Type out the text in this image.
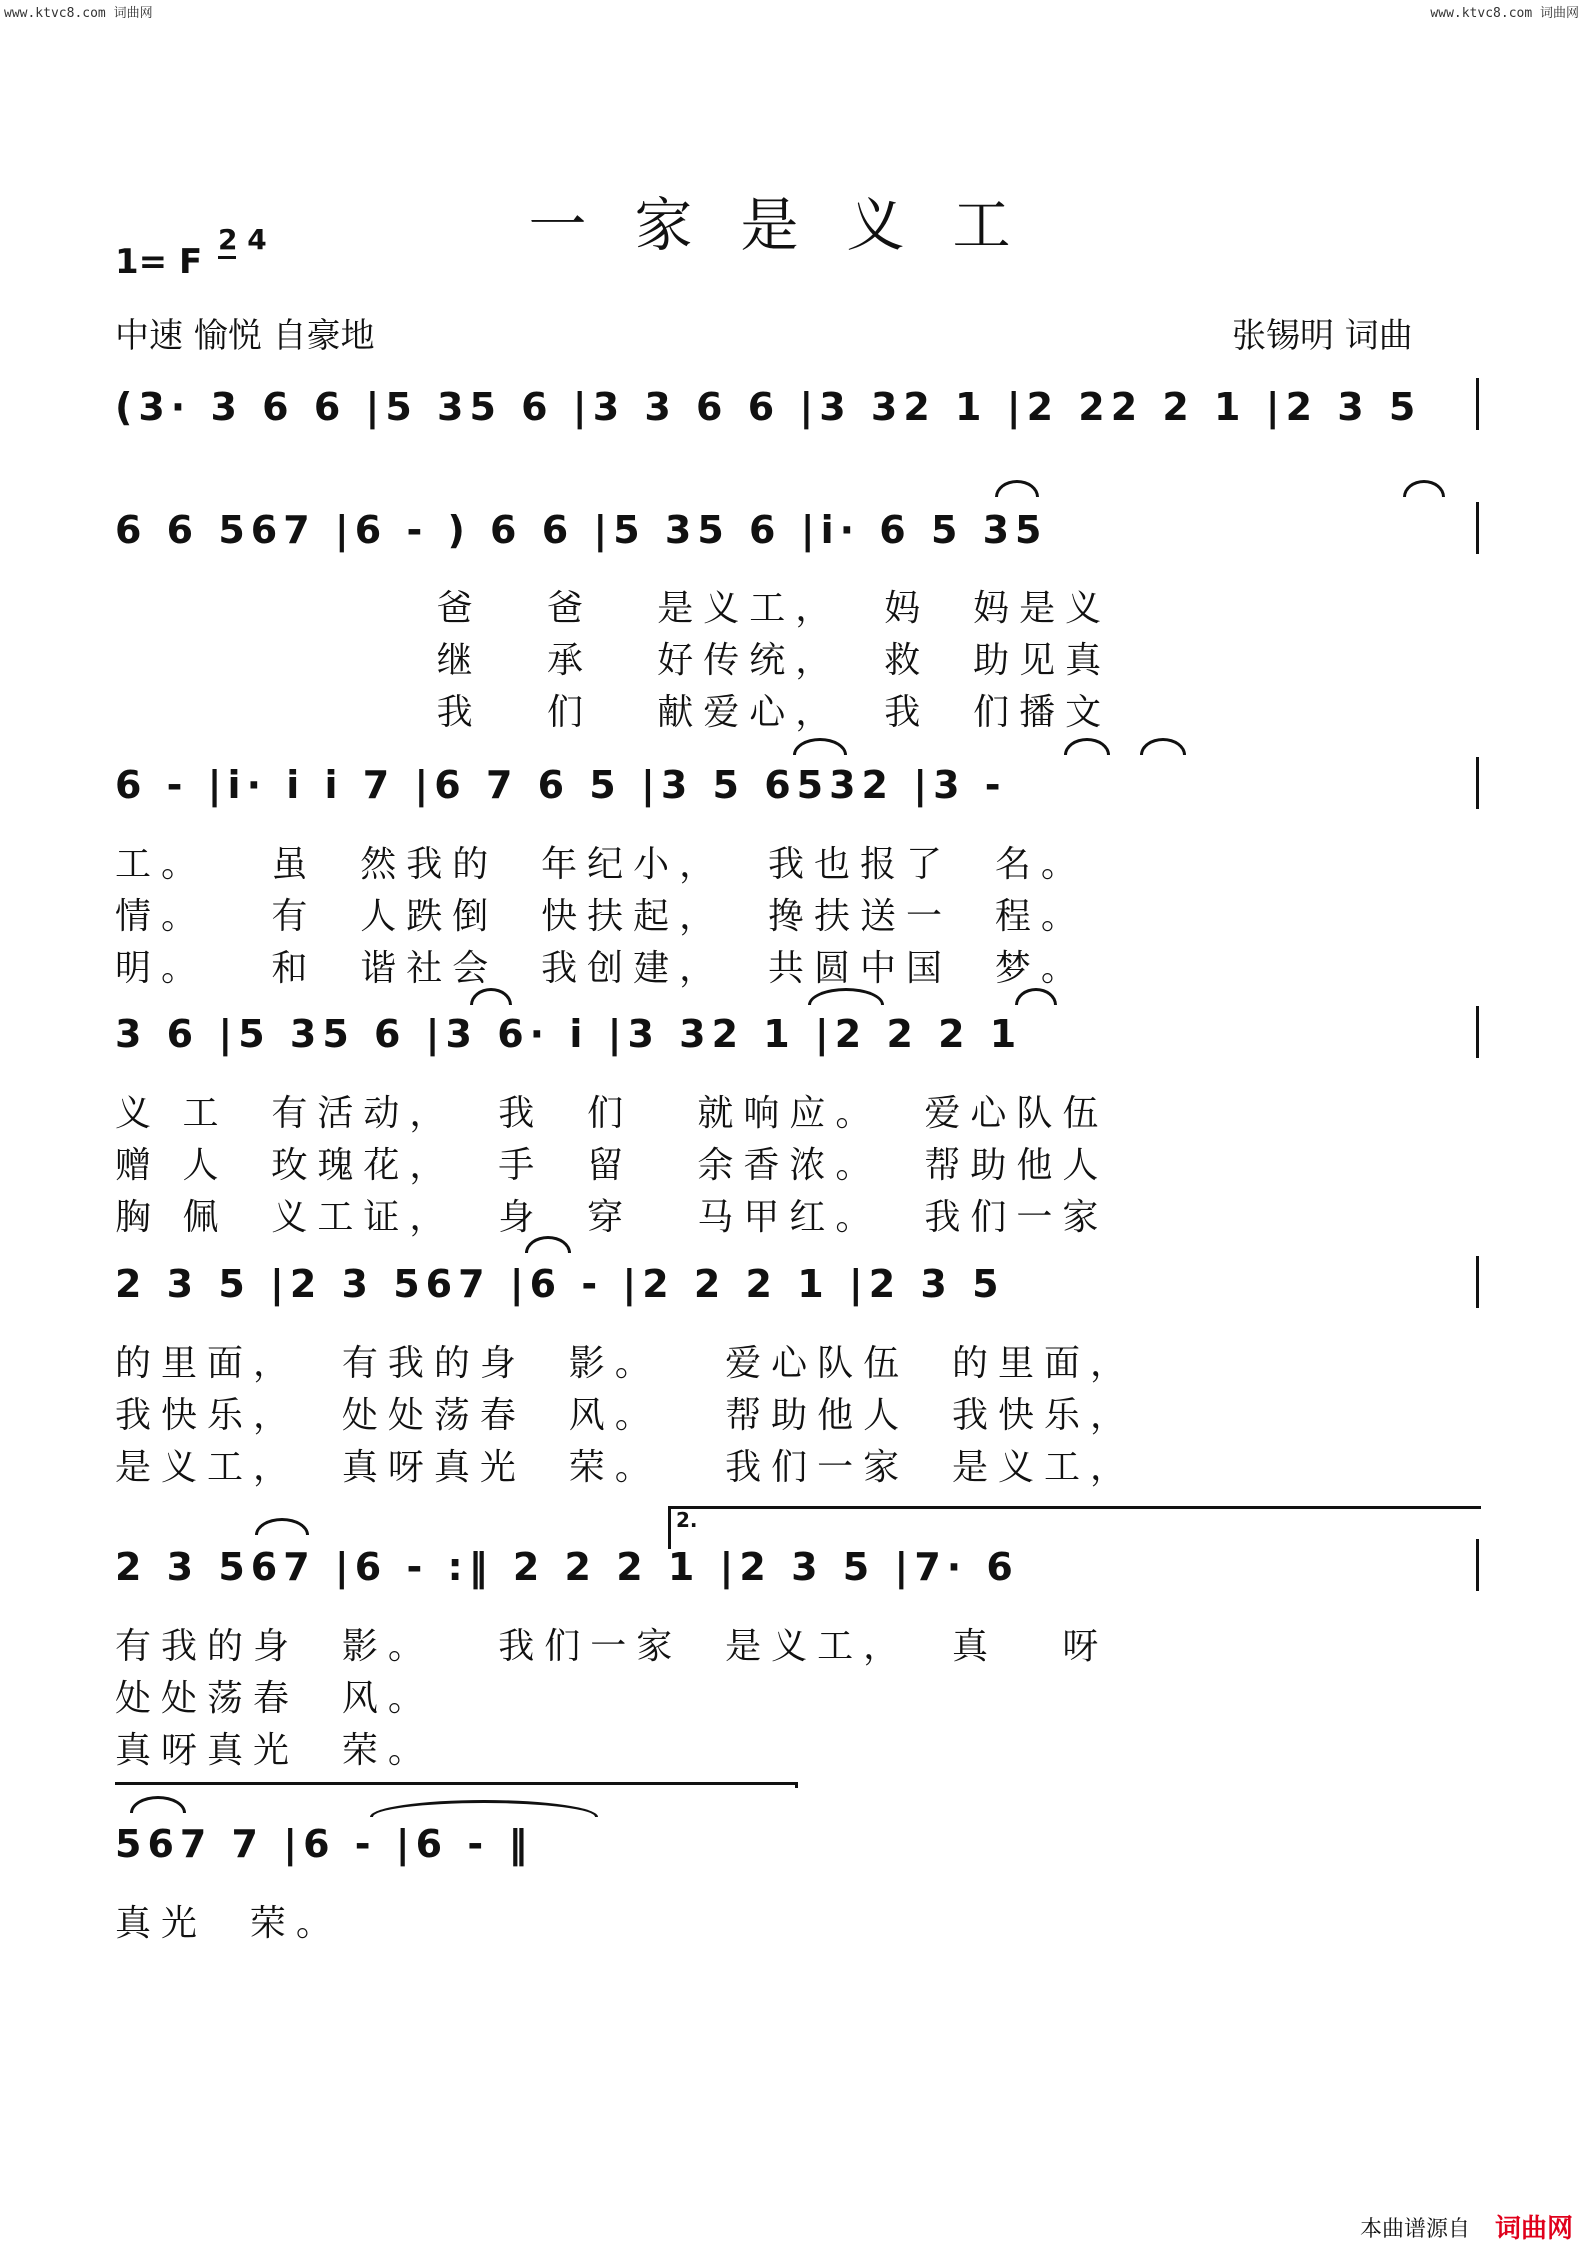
www.ktvc8.com 词曲网	www.ktvc8.com 词曲网
一家是义工
1= F
2 4
中速 愉悦 自豪地	张锡明 词曲
(3· 3 6 6 |5 35 6 |3 3 6 6 |3 32 1 |2 22 2 1 |2 3 5
6 6 567 |6 - ) 6 6 |5 35 6 |i· 6 5 35
爸   爸   是义工，  妈  妈是义
继   承   好传统，  救  助见真
我   们   献爱心，  我  们播文
6 - |i· i i 7 |6 7 6 5 |3 5 6532 |3 -
工。   虽  然我的  年纪小，  我也报了  名。
情。   有  人跌倒  快扶起，  搀扶送一  程。
明。   和  谐社会  我创建，  共圆中国  梦。
3 6 |5 35 6 |3 6· i |3 32 1 |2 2 2 1
义 工  有活动，  我  们   就响应。  爱心队伍
赠 人  玫瑰花，  手  留   余香浓。  帮助他人
胸 佩  义工证，  身  穿   马甲红。  我们一家
2 3 5 |2 3 567 |6 - |2 2 2 1 |2 3 5
的里面，  有我的身  影。   爱心队伍  的里面，
我快乐，  处处荡春  风。   帮助他人  我快乐，
是义工，  真呀真光  荣。   我们一家  是义工，
2.
2 3 567 |6 - :‖ 2 2 2 1 |2 3 5 |7· 6
有我的身  影。   我们一家  是义工，  真   呀
处处荡春  风。
真呀真光  荣。
567 7 |6 - |6 - ‖
真光  荣。
本曲谱源自 词曲网
